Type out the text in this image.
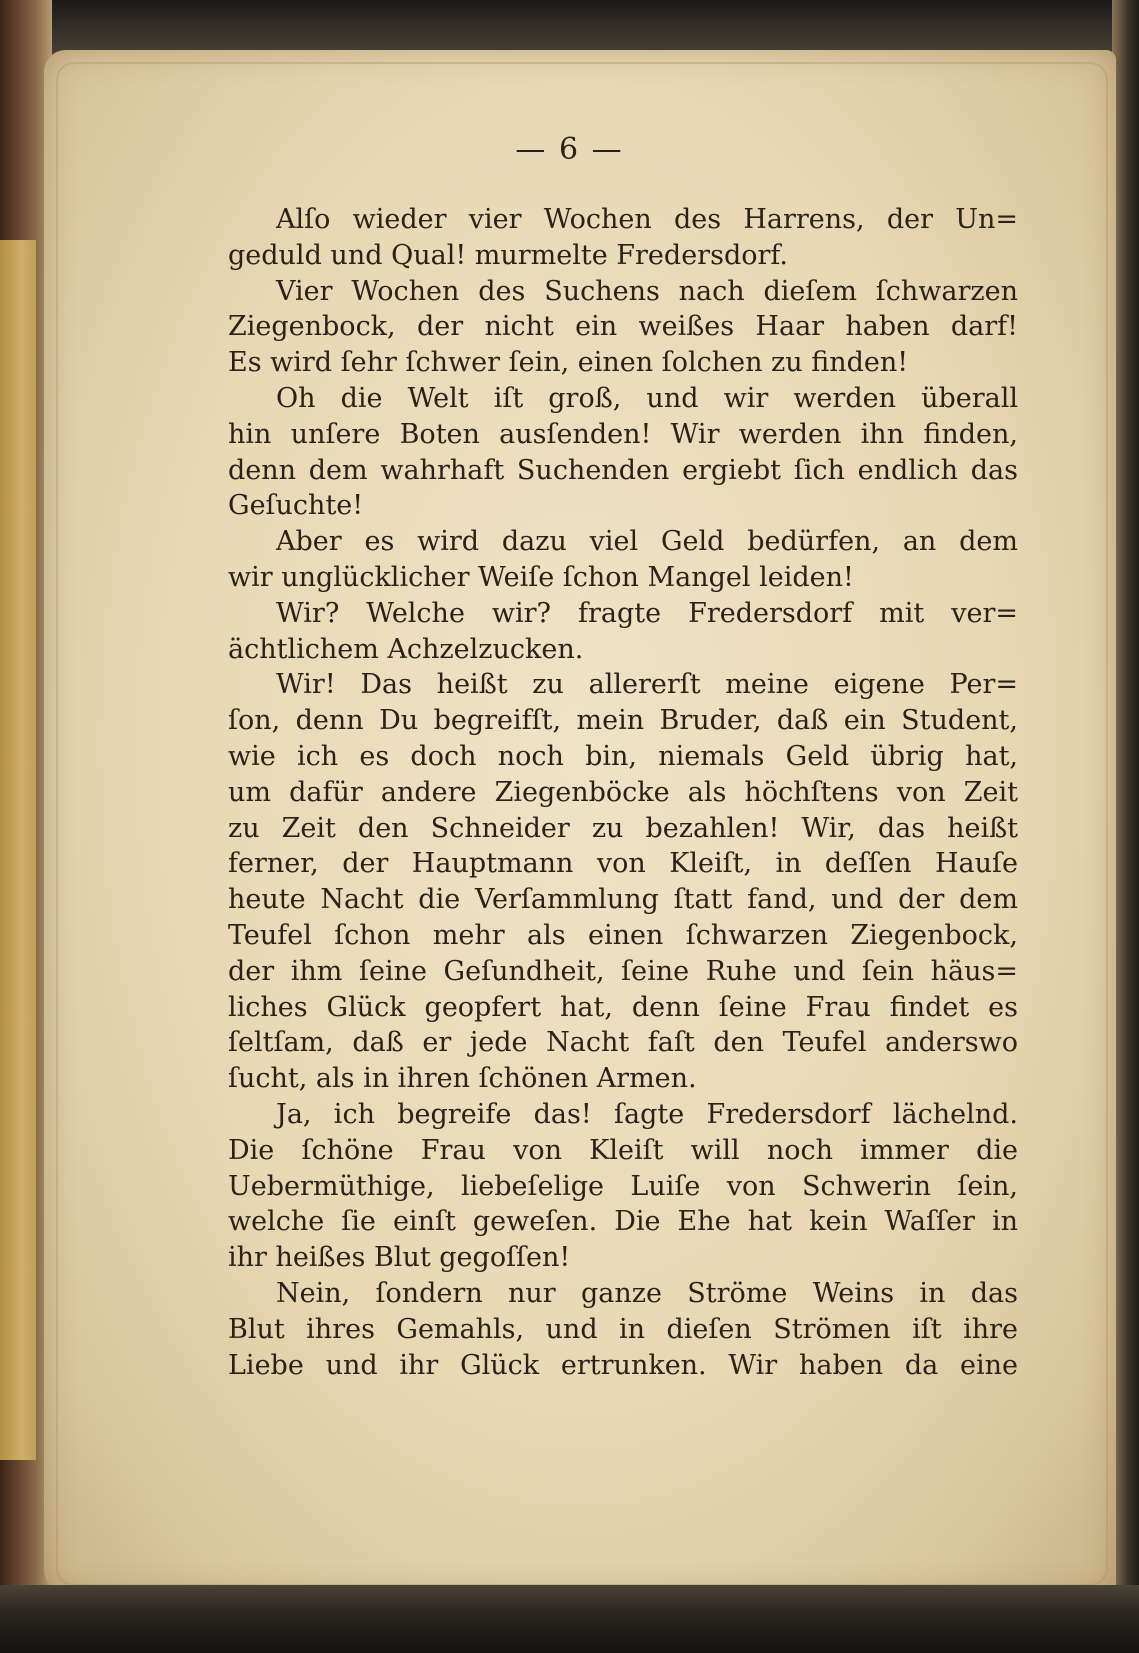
— 6 —
Alſo wieder vier Wochen des Harrens, der Un=
geduld und Qual! murmelte Fredersdorf.
Vier Wochen des Suchens nach dieſem ſchwarzen
Ziegenbock, der nicht ein weißes Haar haben darf!
Es wird ſehr ſchwer ſein, einen ſolchen zu finden!
Oh die Welt iſt groß, und wir werden überall
hin unſere Boten ausſenden! Wir werden ihn finden,
denn dem wahrhaft Suchenden ergiebt ſich endlich das
Geſuchte!
Aber es wird dazu viel Geld bedürfen, an dem
wir unglücklicher Weiſe ſchon Mangel leiden!
Wir? Welche wir? fragte Fredersdorf mit ver=
ächtlichem Achzelzucken.
Wir! Das heißt zu allererſt meine eigene Per=
ſon, denn Du begreifſt, mein Bruder, daß ein Student,
wie ich es doch noch bin, niemals Geld übrig hat,
um dafür andere Ziegenböcke als höchſtens von Zeit
zu Zeit den Schneider zu bezahlen! Wir, das heißt
ferner, der Hauptmann von Kleiſt, in deſſen Hauſe
heute Nacht die Verſammlung ſtatt fand, und der dem
Teufel ſchon mehr als einen ſchwarzen Ziegenbock,
der ihm ſeine Geſundheit, ſeine Ruhe und ſein häus=
liches Glück geopfert hat, denn ſeine Frau findet es
ſeltſam, daß er jede Nacht faſt den Teufel anderswo
ſucht, als in ihren ſchönen Armen.
Ja, ich begreife das! ſagte Fredersdorf lächelnd.
Die ſchöne Frau von Kleiſt will noch immer die
Uebermüthige, liebeſelige Luiſe von Schwerin ſein,
welche ſie einſt geweſen. Die Ehe hat kein Waſſer in
ihr heißes Blut gegoſſen!
Nein, ſondern nur ganze Ströme Weins in das
Blut ihres Gemahls, und in dieſen Strömen iſt ihre
Liebe und ihr Glück ertrunken. Wir haben da eine
